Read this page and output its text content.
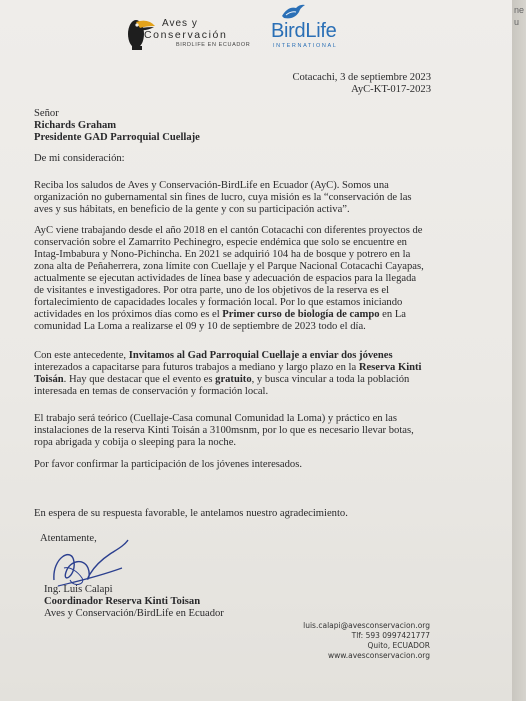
ne
u
Aves y
Conservación
BIRDLIFE EN ECUADOR
BirdLife
INTERNATIONAL
Cotacachi, 3 de septiembre 2023
AyC-KT-017-2023
Señor
Richards Graham
Presidente GAD Parroquial Cuellaje
De mi consideración:
Reciba los saludos de Aves y Conservación-BirdLife en Ecuador (AyC). Somos una
organización no gubernamental sin fines de lucro, cuya misión es la “conservación de las
aves y sus hábitats, en beneficio de la gente y con su participación activa”.
AyC viene trabajando desde el año 2018 en el cantón Cotacachi con diferentes proyectos de
conservación sobre el Zamarrito Pechinegro, especie endémica que solo se encuentre en
Intag-Imbabura y Nono-Pichincha. En 2021 se adquirió 104 ha de bosque y potrero en la
zona alta de Peñaherrera, zona límite con Cuellaje y el Parque Nacional Cotacachi Cayapas,
actualmente se ejecutan actividades de línea base y adecuación de espacios para la llegada
de visitantes e investigadores. Por otra parte, uno de los objetivos de la reserva es el
fortalecimiento de capacidades locales y formación local. Por lo que estamos iniciando
actividades en los próximos días como es el Primer curso de biología de campo en La
comunidad La Loma a realizarse el 09 y 10 de septiembre de 2023 todo el día.
Con este antecedente, Invitamos al Gad Parroquial Cuellaje a enviar dos jóvenes
interezados a capacitarse para futuros trabajos a mediano y largo plazo en la Reserva Kinti
Toisán. Hay que destacar que el evento es gratuito, y busca vincular a toda la población
interesada en temas de conservación y formación local.
El trabajo será teórico (Cuellaje-Casa comunal Comunidad la Loma) y práctico en las
instalaciones de la reserva Kinti Toisán a 3100msnm, por lo que es necesario llevar botas,
ropa abrigada y cobija o sleeping para la noche.
Por favor confirmar la participación de los jóvenes interesados.
En espera de su respuesta favorable, le antelamos nuestro agradecimiento.
Atentamente,
Ing. Luis Calapi
Coordinador Reserva Kinti Toisan
Aves y Conservación/BirdLife en Ecuador
luis.calapi@avesconservacion.org
Tlf: 593 0997421777
Quito, ECUADOR
www.avesconservacion.org
